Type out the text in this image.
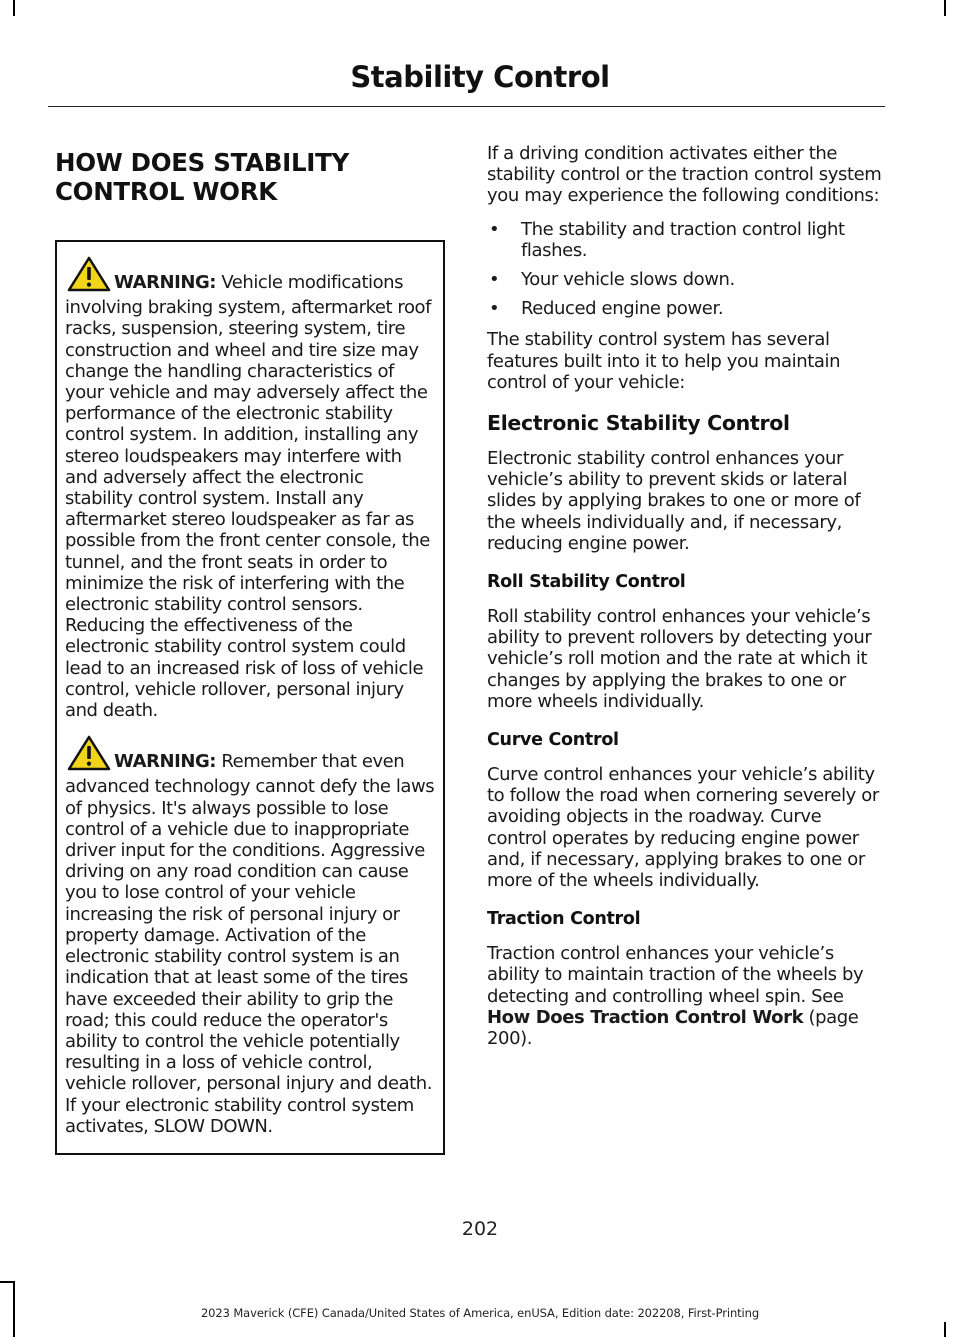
Stability Control
HOW DOES STABILITY
CONTROL WORK

WARNING: Vehicle modifications involving braking system, aftermarket roof racks, suspension, steering system, tire construction and wheel and tire size may change the handling characteristics of your vehicle and may adversely affect the performance of the electronic stability control system. In addition, installing any stereo loudspeakers may interfere with and adversely affect the electronic stability control system. Install any aftermarket stereo loudspeaker as far as possible from the front center console, the tunnel, and the front seats in order to minimize the risk of interfering with the electronic stability control sensors. Reducing the effectiveness of the electronic stability control system could lead to an increased risk of loss of vehicle control, vehicle rollover, personal injury and death.

WARNING: Remember that even advanced technology cannot defy the laws of physics. It's always possible to lose control of a vehicle due to inappropriate driver input for the conditions. Aggressive driving on any road condition can cause you to lose control of your vehicle increasing the risk of personal injury or property damage. Activation of the electronic stability control system is an indication that at least some of the tires have exceeded their ability to grip the road; this could reduce the operator's ability to control the vehicle potentially resulting in a loss of vehicle control, vehicle rollover, personal injury and death. If your electronic stability control system activates, SLOW DOWN.

If a driving condition activates either the stability control or the traction control system you may experience the following conditions:

• The stability and traction control light flashes.
• Your vehicle slows down.
• Reduced engine power.

The stability control system has several features built into it to help you maintain control of your vehicle:

Electronic Stability Control

Electronic stability control enhances your vehicle’s ability to prevent skids or lateral slides by applying brakes to one or more of the wheels individually and, if necessary, reducing engine power.

Roll Stability Control

Roll stability control enhances your vehicle’s ability to prevent rollovers by detecting your vehicle’s roll motion and the rate at which it changes by applying the brakes to one or more wheels individually.

Curve Control

Curve control enhances your vehicle’s ability to follow the road when cornering severely or avoiding objects in the roadway. Curve control operates by reducing engine power and, if necessary, applying brakes to one or more of the wheels individually.

Traction Control

Traction control enhances your vehicle’s ability to maintain traction of the wheels by detecting and controlling wheel spin. See How Does Traction Control Work (page 200).

202
2023 Maverick (CFE) Canada/United States of America, enUSA, Edition date: 202208, First-Printing
